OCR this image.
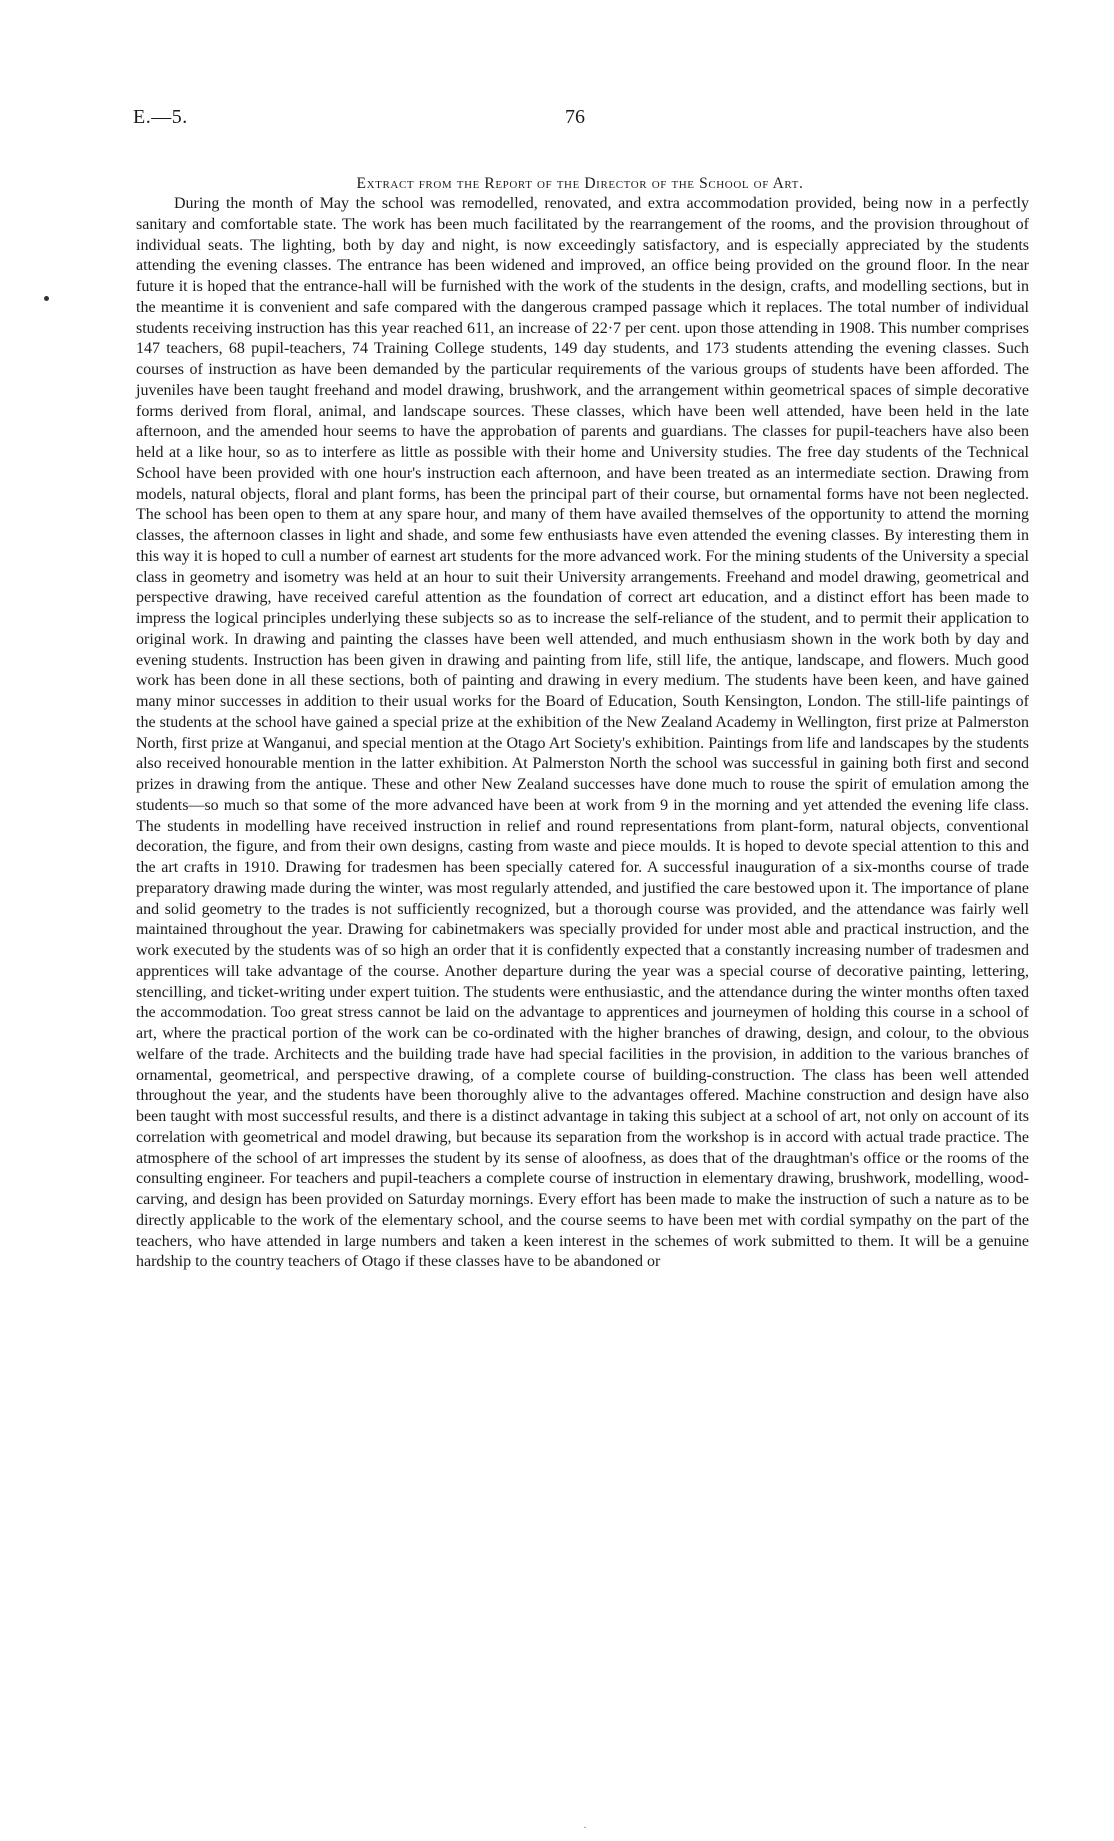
E.—5.	76
Extract from the Report of the Director of the School of Art.

During the month of May the school was remodelled, renovated, and extra accommodation provided, being now in a perfectly sanitary and comfortable state. The work has been much facilitated by the rearrangement of the rooms, and the provision throughout of individual seats. The lighting, both by day and night, is now exceedingly satisfactory, and is especially appreciated by the students attending the evening classes. The entrance has been widened and improved, an office being provided on the ground floor. In the near future it is hoped that the entrance-hall will be furnished with the work of the students in the design, crafts, and modelling sections, but in the meantime it is convenient and safe compared with the dangerous cramped passage which it replaces. The total number of individual students receiving instruction has this year reached 611, an increase of 22·7 per cent. upon those attending in 1908. This number comprises 147 teachers, 68 pupil-teachers, 74 Training College students, 149 day students, and 173 students attending the evening classes. Such courses of instruction as have been demanded by the particular requirements of the various groups of students have been afforded. The juveniles have been taught freehand and model drawing, brushwork, and the arrangement within geometrical spaces of simple decorative forms derived from floral, animal, and landscape sources. These classes, which have been well attended, have been held in the late afternoon, and the amended hour seems to have the approbation of parents and guardians. The classes for pupil-teachers have also been held at a like hour, so as to interfere as little as possible with their home and University studies. The free day students of the Technical School have been provided with one hour's instruction each afternoon, and have been treated as an intermediate section. Drawing from models, natural objects, floral and plant forms, has been the principal part of their course, but ornamental forms have not been neglected. The school has been open to them at any spare hour, and many of them have availed themselves of the opportunity to attend the morning classes, the afternoon classes in light and shade, and some few enthusiasts have even attended the evening classes. By interesting them in this way it is hoped to cull a number of earnest art students for the more advanced work. For the mining students of the University a special class in geometry and isometry was held at an hour to suit their University arrangements. Freehand and model drawing, geometrical and perspective drawing, have received careful attention as the foundation of correct art education, and a distinct effort has been made to impress the logical principles underlying these subjects so as to increase the self-reliance of the student, and to permit their application to original work. In drawing and painting the classes have been well attended, and much enthusiasm shown in the work both by day and evening students. Instruction has been given in drawing and painting from life, still life, the antique, landscape, and flowers. Much good work has been done in all these sections, both of painting and drawing in every medium. The students have been keen, and have gained many minor successes in addition to their usual works for the Board of Education, South Kensington, London. The still-life paintings of the students at the school have gained a special prize at the exhibition of the New Zealand Academy in Wellington, first prize at Palmerston North, first prize at Wanganui, and special mention at the Otago Art Society's exhibition. Paintings from life and landscapes by the students also received honourable mention in the latter exhibition. At Palmerston North the school was successful in gaining both first and second prizes in drawing from the antique. These and other New Zealand successes have done much to rouse the spirit of emulation among the students—so much so that some of the more advanced have been at work from 9 in the morning and yet attended the evening life class. The students in modelling have received instruction in relief and round representations from plant-form, natural objects, conventional decoration, the figure, and from their own designs, casting from waste and piece moulds. It is hoped to devote special attention to this and the art crafts in 1910. Drawing for tradesmen has been specially catered for. A successful inauguration of a six-months course of trade preparatory drawing made during the winter, was most regularly attended, and justified the care bestowed upon it. The importance of plane and solid geometry to the trades is not sufficiently recognized, but a thorough course was provided, and the attendance was fairly well maintained throughout the year. Drawing for cabinetmakers was specially provided for under most able and practical instruction, and the work executed by the students was of so high an order that it is confidently expected that a constantly increasing number of tradesmen and apprentices will take advantage of the course. Another departure during the year was a special course of decorative painting, lettering, stencilling, and ticket-writing under expert tuition. The students were enthusiastic, and the attendance during the winter months often taxed the accommodation. Too great stress cannot be laid on the advantage to apprentices and journeymen of holding this course in a school of art, where the practical portion of the work can be co-ordinated with the higher branches of drawing, design, and colour, to the obvious welfare of the trade. Architects and the building trade have had special facilities in the provision, in addition to the various branches of ornamental, geometrical, and perspective drawing, of a complete course of building-construction. The class has been well attended throughout the year, and the students have been thoroughly alive to the advantages offered. Machine construction and design have also been taught with most successful results, and there is a distinct advantage in taking this subject at a school of art, not only on account of its correlation with geometrical and model drawing, but because its separation from the workshop is in accord with actual trade practice. The atmosphere of the school of art impresses the student by its sense of aloofness, as does that of the draughtman's office or the rooms of the consulting engineer. For teachers and pupil-teachers a complete course of instruction in elementary drawing, brushwork, modelling, wood-carving, and design has been provided on Saturday mornings. Every effort has been made to make the instruction of such a nature as to be directly applicable to the work of the elementary school, and the course seems to have been met with cordial sympathy on the part of the teachers, who have attended in large numbers and taken a keen interest in the schemes of work submitted to them. It will be a genuine hardship to the country teachers of Otago if these classes have to be abandoned or

·
